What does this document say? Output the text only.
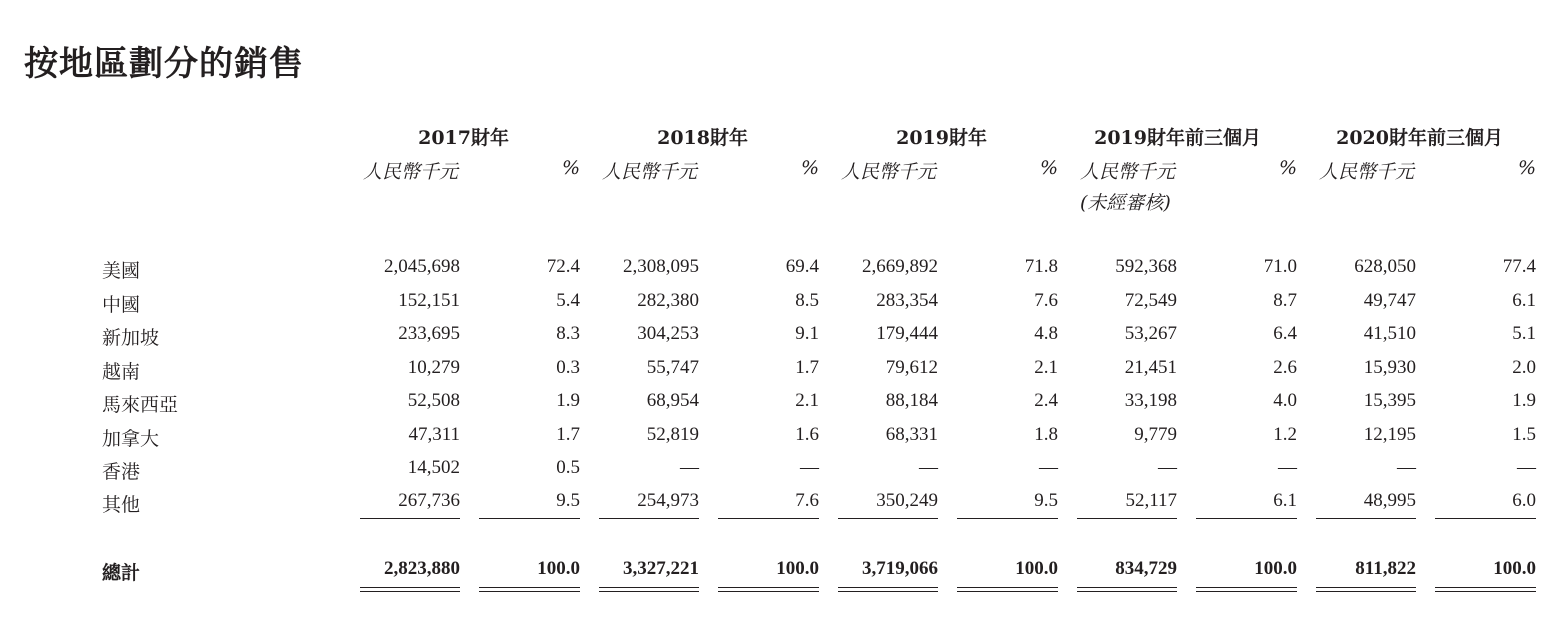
按地區劃分的銷售
2017財年
人民幣千元	%
2018財年
人民幣千元	%
2019財年
人民幣千元	%
2019財年前三個月
人民幣千元	%
(未經審核)
2020財年前三個月
人民幣千元	%
美國	2,045,698	72.4	2,308,095	69.4	2,669,892	71.8	592,368	71.0	628,050	77.4
中國	152,151	5.4	282,380	8.5	283,354	7.6	72,549	8.7	49,747	6.1
新加坡	233,695	8.3	304,253	9.1	179,444	4.8	53,267	6.4	41,510	5.1
越南	10,279	0.3	55,747	1.7	79,612	2.1	21,451	2.6	15,930	2.0
馬來西亞	52,508	1.9	68,954	2.1	88,184	2.4	33,198	4.0	15,395	1.9
加拿大	47,311	1.7	52,819	1.6	68,331	1.8	9,779	1.2	12,195	1.5
香港	14,502	0.5	—	—	—	—	—	—	—	—
其他	267,736	9.5	254,973	7.6	350,249	9.5	52,117	6.1	48,995	6.0
總計	2,823,880	100.0	3,327,221	100.0	3,719,066	100.0	834,729	100.0	811,822	100.0
